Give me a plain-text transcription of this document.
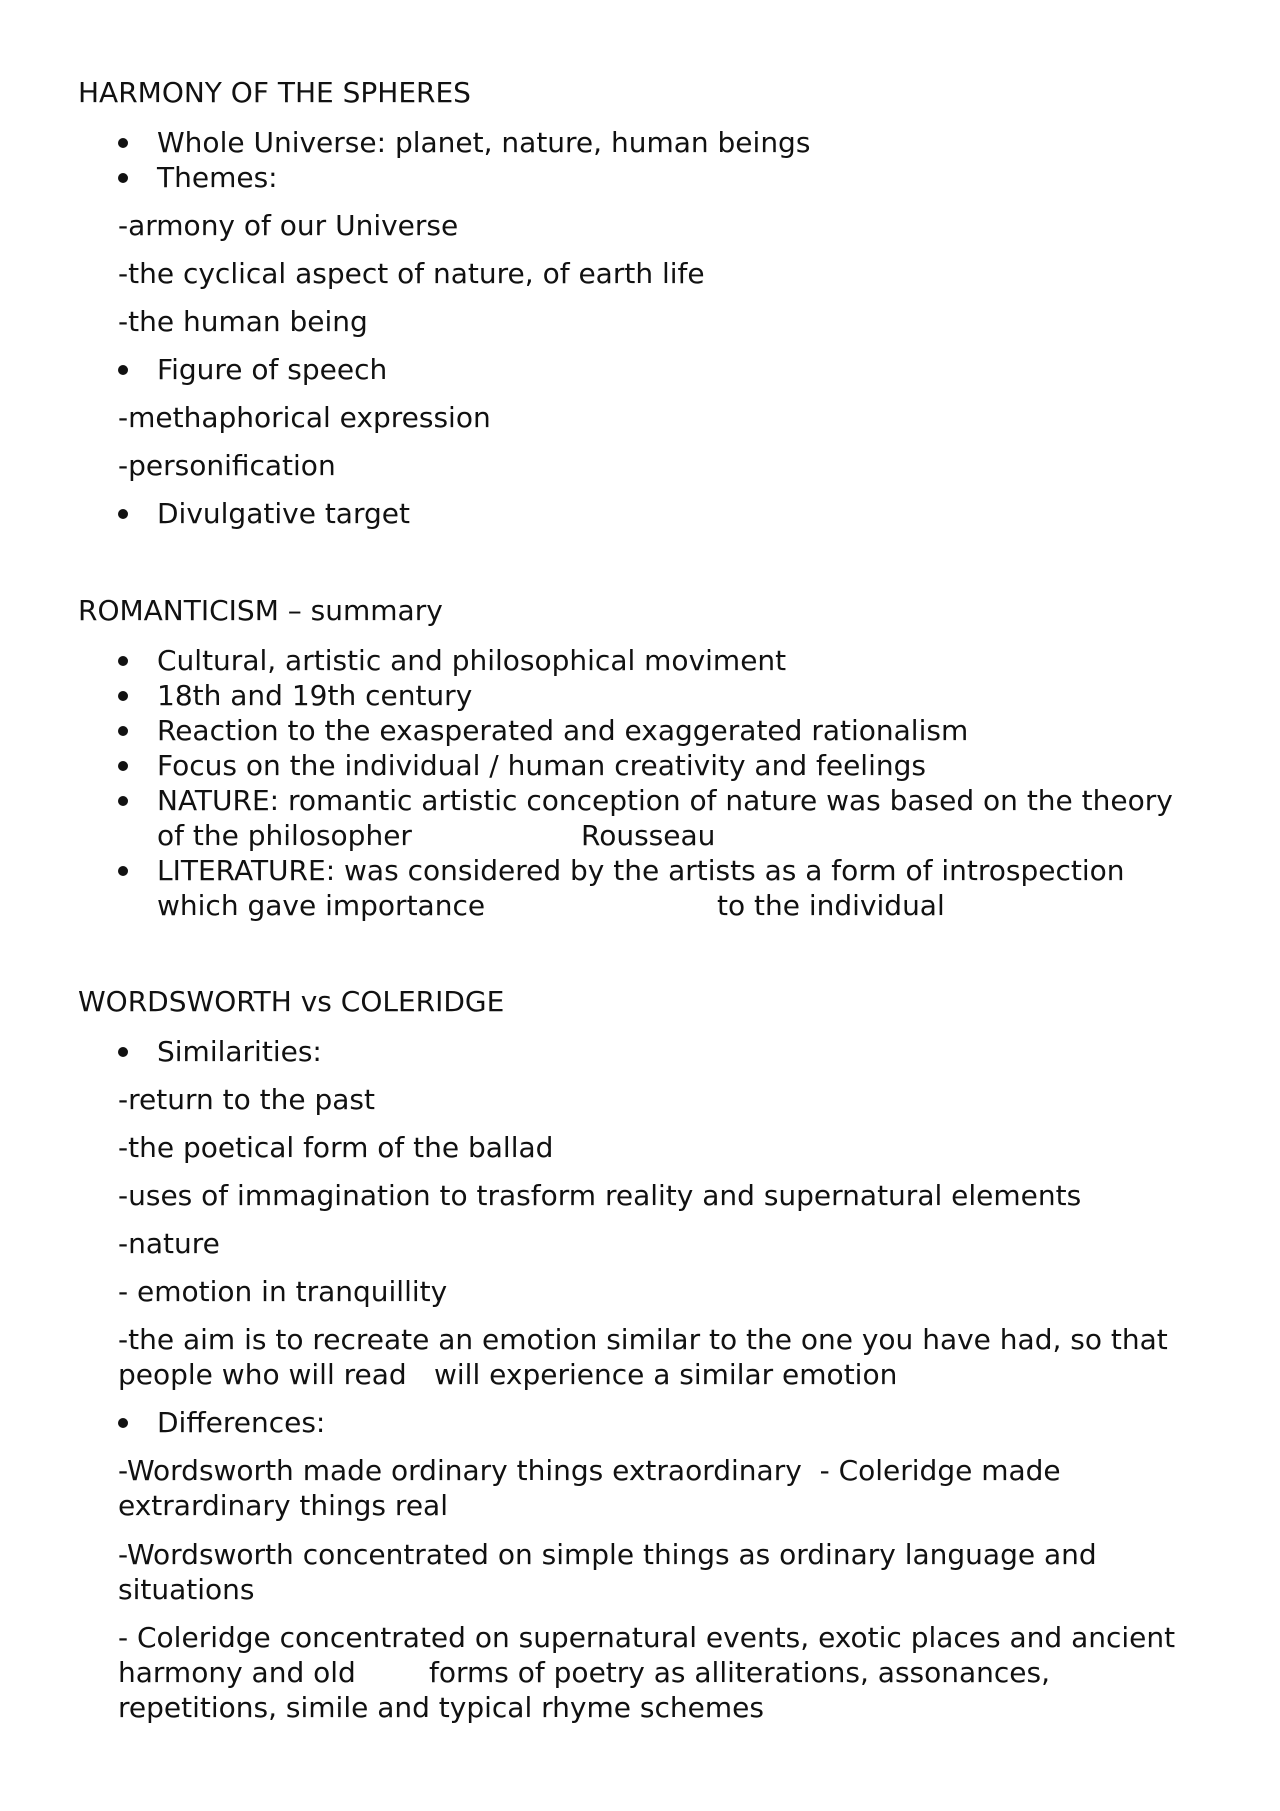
HARMONY OF THE SPHERES
Whole Universe: planet, nature, human beings
Themes:
-armony of our Universe
-the cyclical aspect of nature, of earth life
-the human being
Figure of speech
-methaphorical expression
-personification
Divulgative target
ROMANTICISM – summary
Cultural, artistic and philosophical moviment
18th and 19th century
Reaction to the exasperated and exaggerated rationalism
Focus on the individual / human creativity and feelings
NATURE: romantic artistic conception of nature was based on the theory
of the philosopher	Rousseau
LITERATURE: was considered by the artists as a form of introspection
which gave importance	to the individual
WORDSWORTH vs COLERIDGE
Similarities:
-return to the past
-the poetical form of the ballad
-uses of immagination to trasform reality and supernatural elements
-nature
- emotion in tranquillity
-the aim is to recreate an emotion similar to the one you have had, so that
people who will read will experience a similar emotion
Differences:
-Wordsworth made ordinary things extraordinary  - Coleridge made
extrardinary things real
-Wordsworth concentrated on simple things as ordinary language and
situations
- Coleridge concentrated on supernatural events, exotic places and ancient
harmony and old	forms of poetry as alliterations, assonances,
repetitions, simile and typical rhyme schemes
